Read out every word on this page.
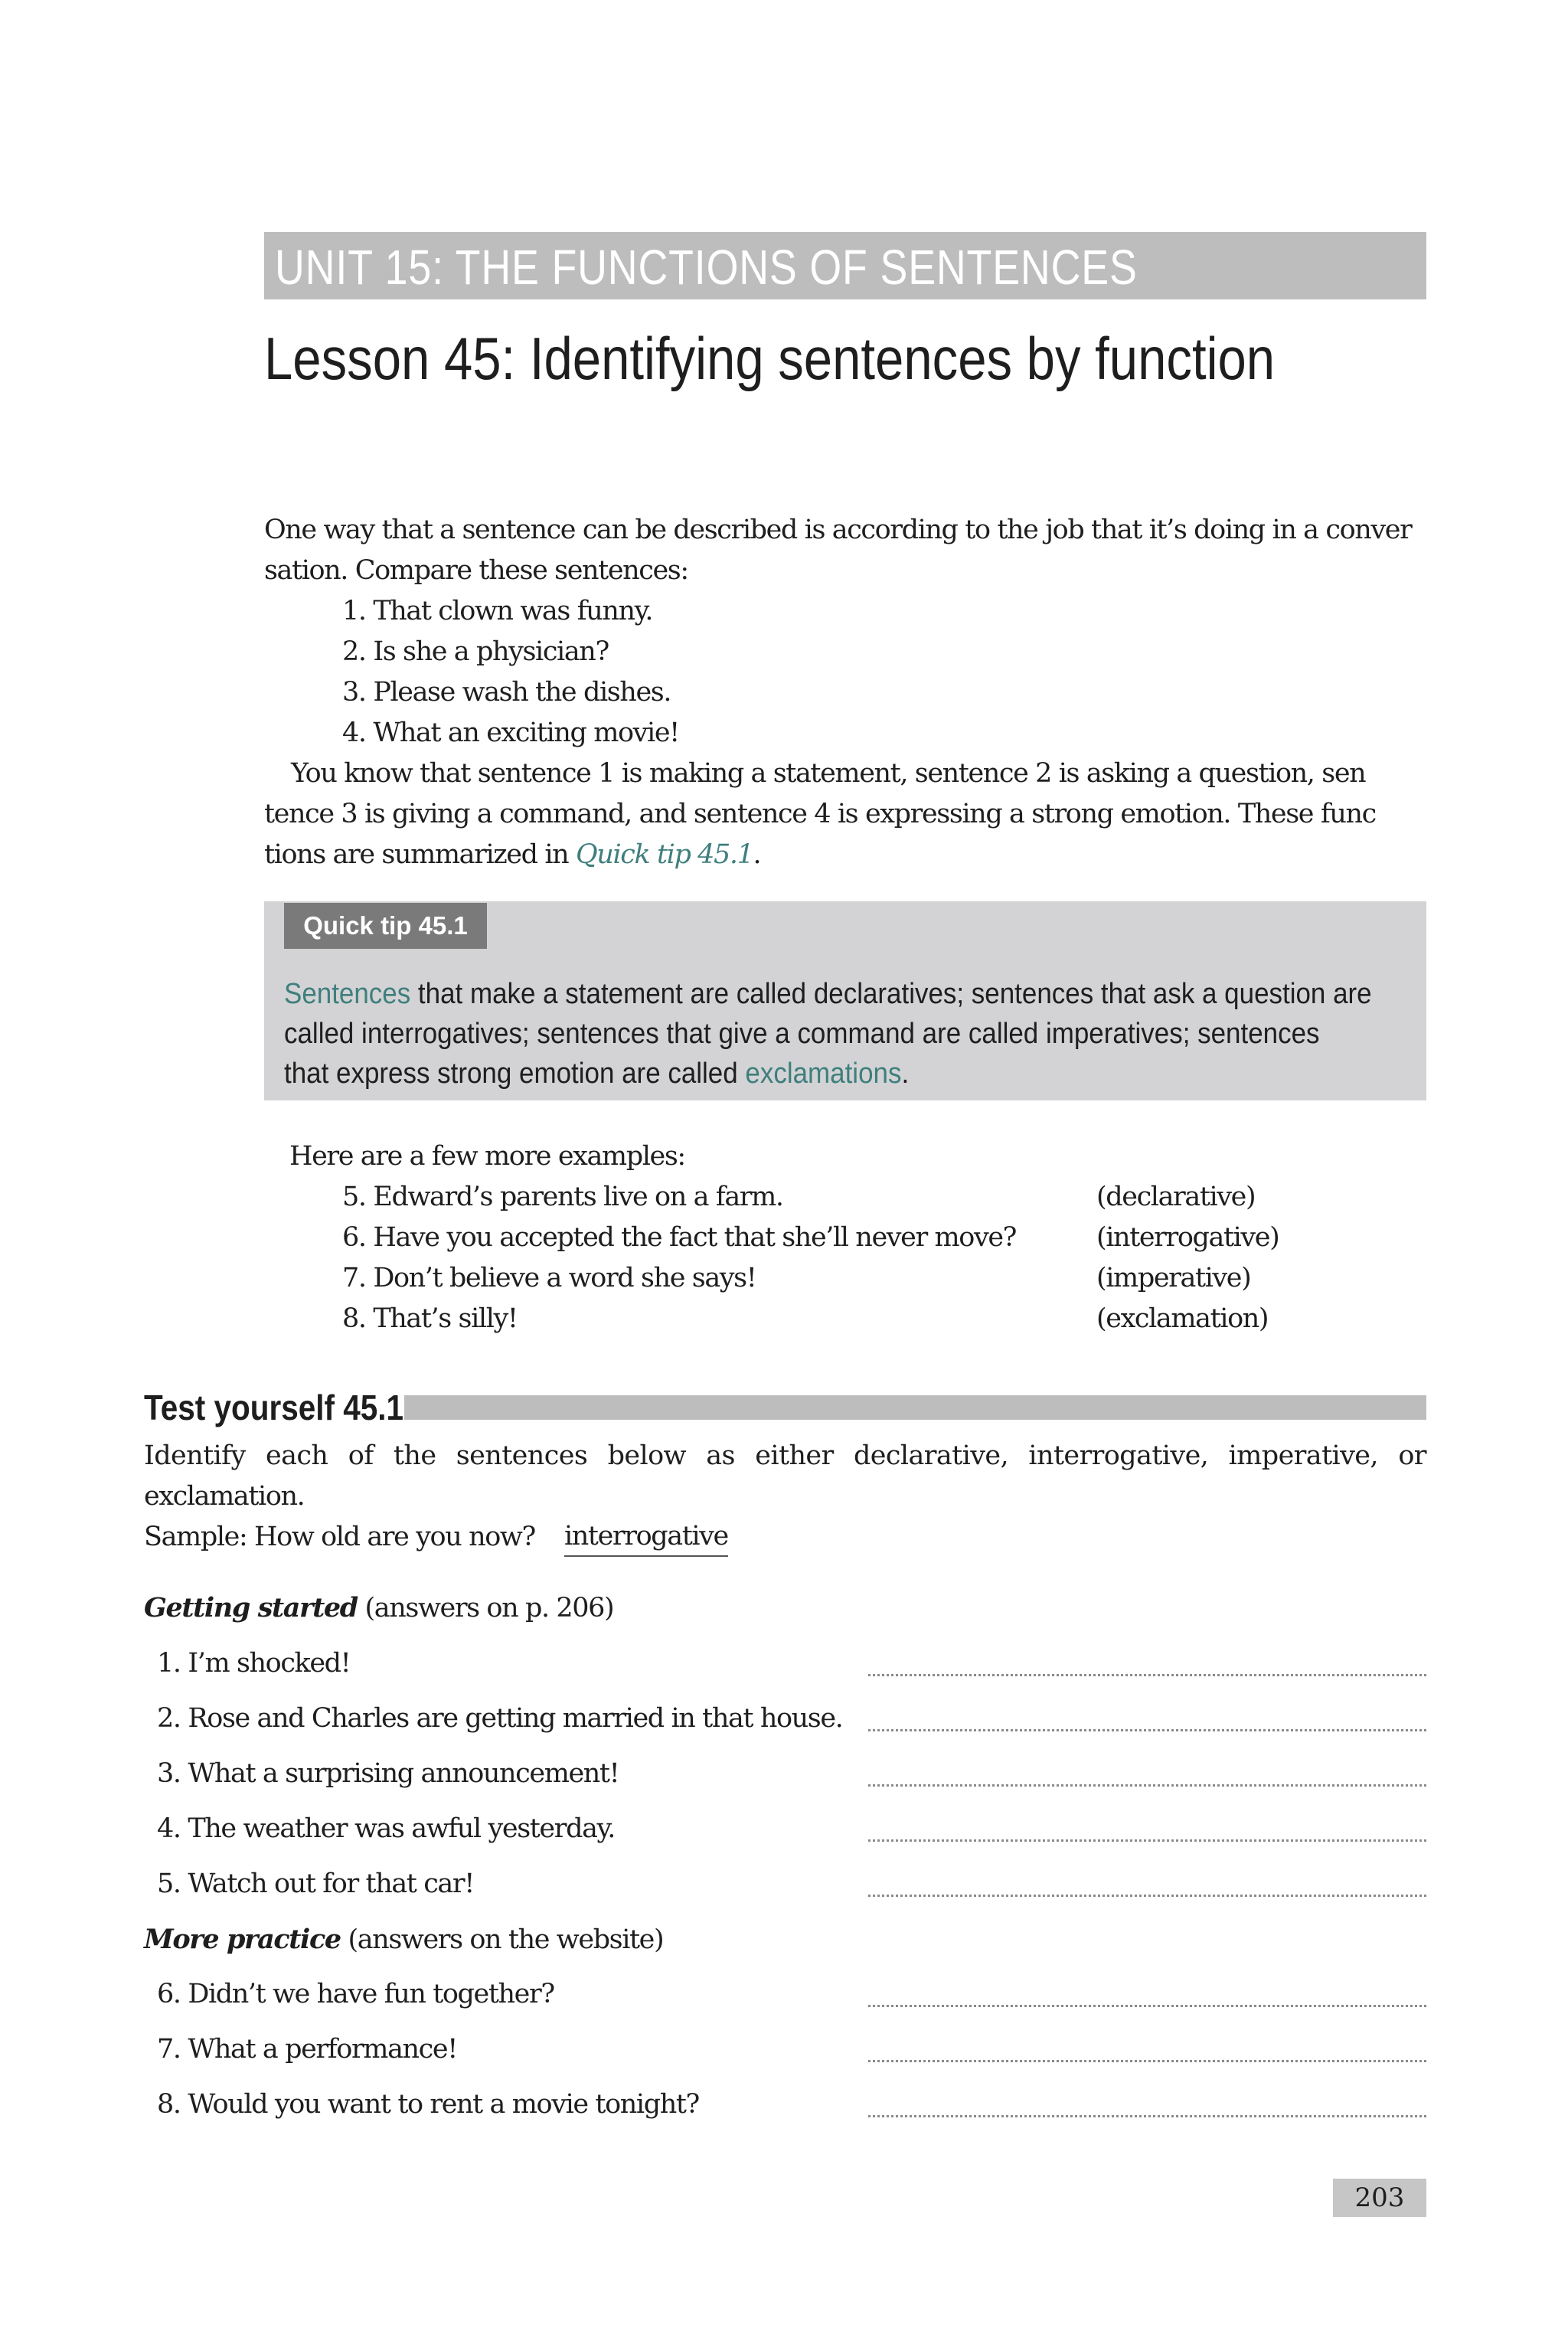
UNIT 15: THE FUNCTIONS OF SENTENCES
Lesson 45: Identifying sentences by function
One way that a sentence can be described is according to the job that it’s doing in a conver
sation. Compare these sentences:
1. That clown was funny.
2. Is she a physician?
3. Please wash the dishes.
4. What an exciting movie!
You know that sentence 1 is making a statement, sentence 2 is asking a question, sen
tence 3 is giving a command, and sentence 4 is expressing a strong emotion. These func
tions are summarized in Quick tip 45.1.
Quick tip 45.1
Sentences that make a statement are called declaratives; sentences that ask a question are
called interrogatives; sentences that give a command are called imperatives; sentences
that express strong emotion are called exclamations.
Here are a few more examples:
5. Edward’s parents live on a farm.	(declarative)
6. Have you accepted the fact that she’ll never move?	(interrogative)
7. Don’t believe a word she says!	(imperative)
8. That’s silly!	(exclamation)
Test yourself 45.1
Identify each of the sentences below as either declarative, interrogative, imperative, or
exclamation.
Sample: How old are you now? interrogative
Getting started (answers on p. 206)
1. I’m shocked!
2. Rose and Charles are getting married in that house.
3. What a surprising announcement!
4. The weather was awful yesterday.
5. Watch out for that car!
More practice (answers on the website)
6. Didn’t we have fun together?
7. What a performance!
8. Would you want to rent a movie tonight?
203
